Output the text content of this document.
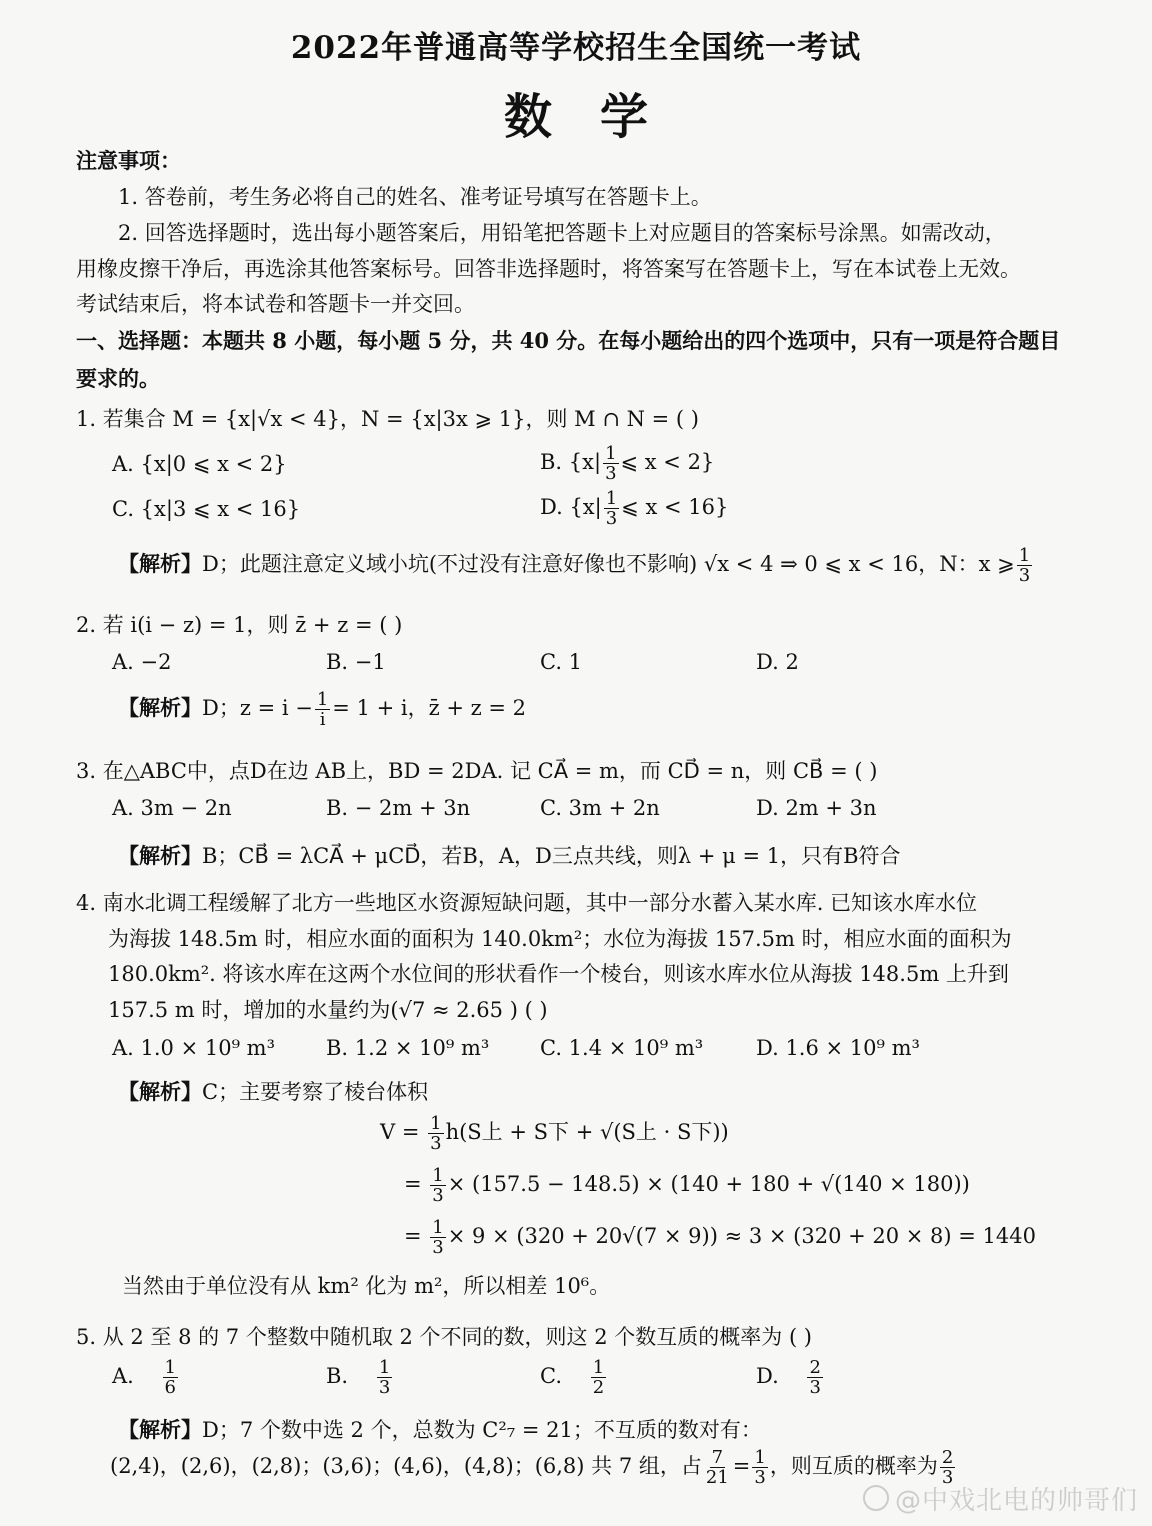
2022年普通高等学校招生全国统一考试
数学
注意事项：
1. 答卷前，考生务必将自己的姓名、准考证号填写在答题卡上。
2. 回答选择题时，选出每小题答案后，用铅笔把答题卡上对应题目的答案标号涂黑。如需改动，
用橡皮擦干净后，再选涂其他答案标号。回答非选择题时，将答案写在答题卡上，写在本试卷上无效。
考试结束后，将本试卷和答题卡一并交回。
一、选择题：本题共 8 小题，每小题 5 分，共 40 分。在每小题给出的四个选项中，只有一项是符合题目
要求的。
1. 若集合 M = {x|√x < 4}，N = {x|3x ⩾ 1}，则 M ∩ N = ( )
A. {x|0 ⩽ x < 2}	B. {$x| \frac{1}{3}$ ⩽ x < 2}
C. {x|3 ⩽ x < 16}	D. {$x| \frac{1}{3}$ ⩽ x < 16}
【解析】D；此题注意定义域小坑(不过没有注意好像也不影响) √x < 4 ⇒ 0 ⩽ x < 16，N：x ⩾ $\frac{1}{3}$
2. 若 i(i − z) = 1，则 z̄ + z = ( )
A. −2	B. −1	C. 1	D. 2
【解析】D；$z = i - \frac{1}{i} = 1 + i$，z̄ + z = 2
3. 在△ABC中，点D在边 AB上，BD = 2DA. 记 CA⃗ = m，而 CD⃗ = n，则 CB⃗ = ( )
A. 3m − 2n	B. − 2m + 3n	C. 3m + 2n	D. 2m + 3n
【解析】B；CB⃗ = λCA⃗ + μCD⃗，若B，A，D三点共线，则λ + μ = 1，只有B符合
4. 南水北调工程缓解了北方一些地区水资源短缺问题，其中一部分水蓄入某水库. 已知该水库水位
为海拔 148.5m 时，相应水面的面积为 140.0km²；水位为海拔 157.5m 时，相应水面的面积为
180.0km². 将该水库在这两个水位间的形状看作一个棱台，则该水库水位从海拔 148.5m 上升到
157.5 m 时，增加的水量约为(√7 ≈ 2.65 ) ( )
A. 1.0 × 10⁹ m³ B. 1.2 × 10⁹ m³ C. 1.4 × 10⁹ m³	D. 1.6 × 10⁹ m³
【解析】C；主要考察了棱台体积
$V = \frac{1}{3} h(S$上 + S下 + √(S上 · S下))
= $\frac{1}{3} \times (157.5 - 148.5) \times (140 + 180 + √(140 \times 180))$
= $\frac{1}{3} \times 9 \times (320 + 20√(7 \times 9)) \approx 3 \times (320 + 20 \times 8) = 1440$
当然由于单位没有从 km² 化为 m²，所以相差 10⁶。
5. 从 2 至 8 的 7 个整数中随机取 2 个不同的数，则这 2 个数互质的概率为 ( )
A. $\frac{1}{6}$	B. $\frac{1}{3}$	C. $\frac{1}{2}$	D. $\frac{2}{3}$
【解析】D；7 个数中选 2 个，总数为 C²₇ = 21；不互质的数对有：
(2,4)，(2,6)，(2,8)；(3,6)；(4,6)，(4,8)；(6,8) 共 7 组，占 $\frac{7}{21} = \frac{1}{3}$ ，则互质的概率为 $\frac{2}{3}$
@中戏北电的帅哥们
